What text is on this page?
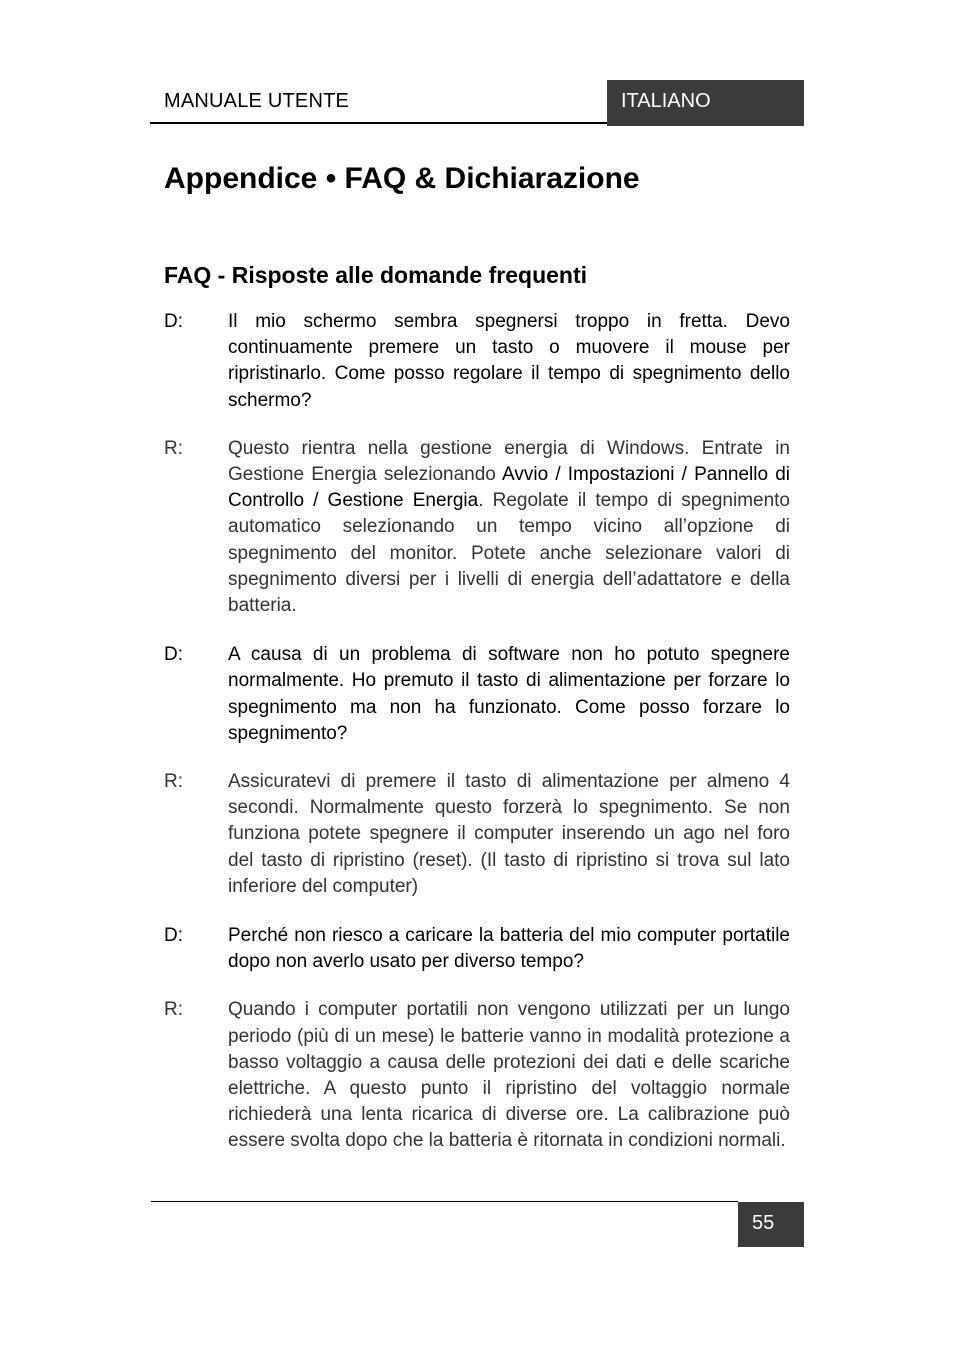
MANUALE UTENTE	ITALIANO
Appendice • FAQ & Dichiarazione
FAQ - Risposte alle domande frequenti
D:	Il mio schermo sembra spegnersi troppo in fretta. Devo continuamente premere un tasto o muovere il mouse per ripristinarlo. Come posso regolare il tempo di spegnimento dello schermo?
R:	Questo rientra nella gestione energia di Windows. Entrate in Gestione Energia selezionando Avvio / Impostazioni / Pannello di Controllo / Gestione Energia. Regolate il tempo di spegnimento automatico selezionando un tempo vicino all’opzione di spegnimento del monitor. Potete anche selezionare valori di spegnimento diversi per i livelli di energia dell’adattatore e della batteria.
D:	A causa di un problema di software non ho potuto spegnere normalmente. Ho premuto il tasto di alimentazione per forzare lo spegnimento ma non ha funzionato. Come posso forzare lo spegnimento?
R:	Assicuratevi di premere il tasto di alimentazione per almeno 4 secondi. Normalmente questo forzerà lo spegnimento. Se non funziona potete spegnere il computer inserendo un ago nel foro del tasto di ripristino (reset). (Il tasto di ripristino si trova sul lato inferiore del computer)
D:	Perché non riesco a caricare la batteria del mio computer portatile dopo non averlo usato per diverso tempo?
R:	Quando i computer portatili non vengono utilizzati per un lungo periodo (più di un mese) le batterie vanno in modalità protezione a basso voltaggio a causa delle protezioni dei dati e delle scariche elettriche. A questo punto il ripristino del voltaggio normale richiederà una lenta ricarica di diverse ore. La calibrazione può essere svolta dopo che la batteria è ritornata in condizioni normali.
55
